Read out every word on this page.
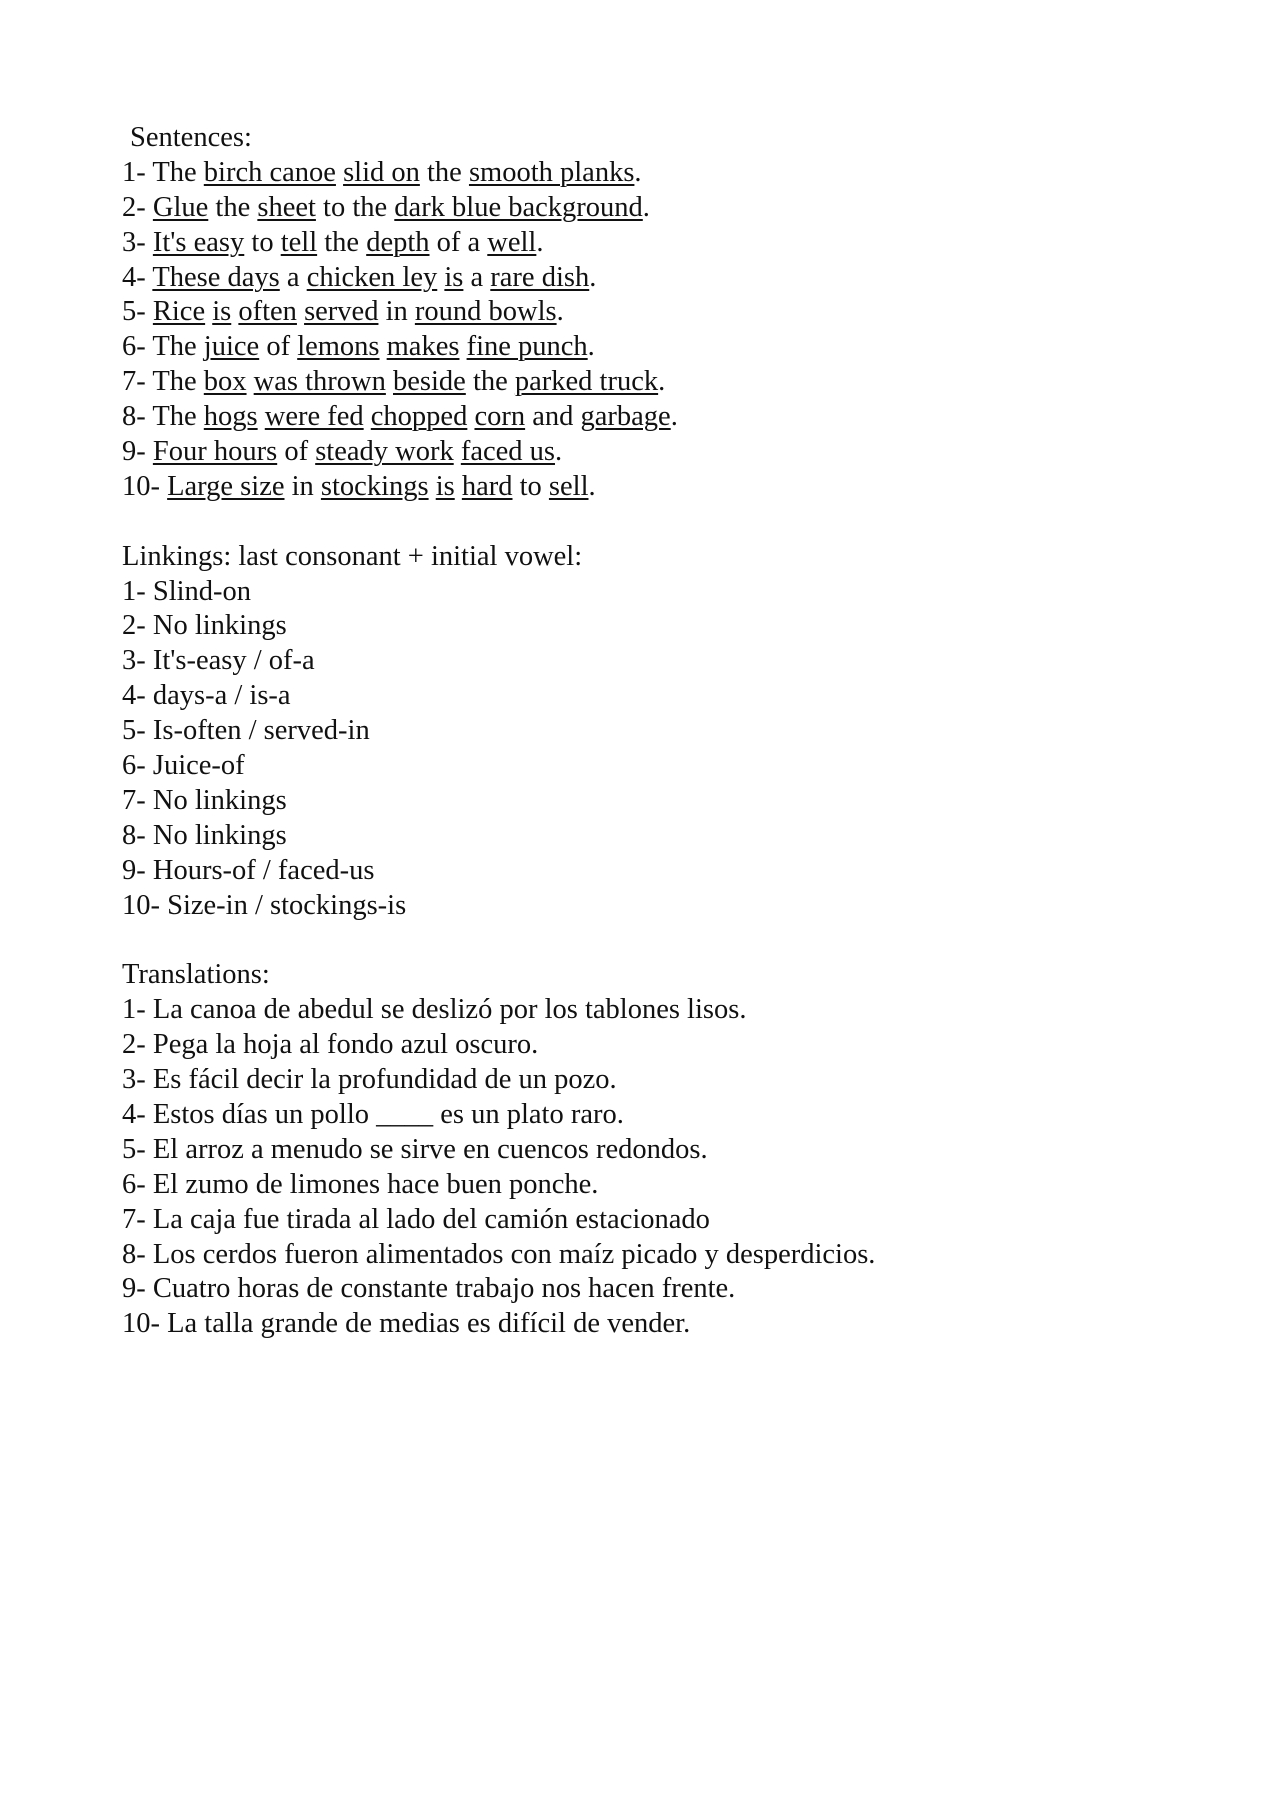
Sentences:
1- The birch canoe slid on the smooth planks.
2- Glue the sheet to the dark blue background.
3- It's easy to tell the depth of a well.
4- These days a chicken ley is a rare dish.
5- Rice is often served in round bowls.
6- The juice of lemons makes fine punch.
7- The box was thrown beside the parked truck.
8- The hogs were fed chopped corn and garbage.
9- Four hours of steady work faced us.
10- Large size in stockings is hard to sell.
Linkings: last consonant + initial vowel:
1- Slind-on
2- No linkings
3- It's-easy / of-a
4- days-a / is-a
5- Is-often / served-in
6- Juice-of
7- No linkings
8- No linkings
9- Hours-of / faced-us
10- Size-in / stockings-is
Translations:
1- La canoa de abedul se deslizó por los tablones lisos.
2- Pega la hoja al fondo azul oscuro.
3- Es fácil decir la profundidad de un pozo.
4- Estos días un pollo ____ es un plato raro.
5- El arroz a menudo se sirve en cuencos redondos.
6- El zumo de limones hace buen ponche.
7- La caja fue tirada al lado del camión estacionado
8- Los cerdos fueron alimentados con maíz picado y desperdicios.
9- Cuatro horas de constante trabajo nos hacen frente.
10- La talla grande de medias es difícil de vender.
